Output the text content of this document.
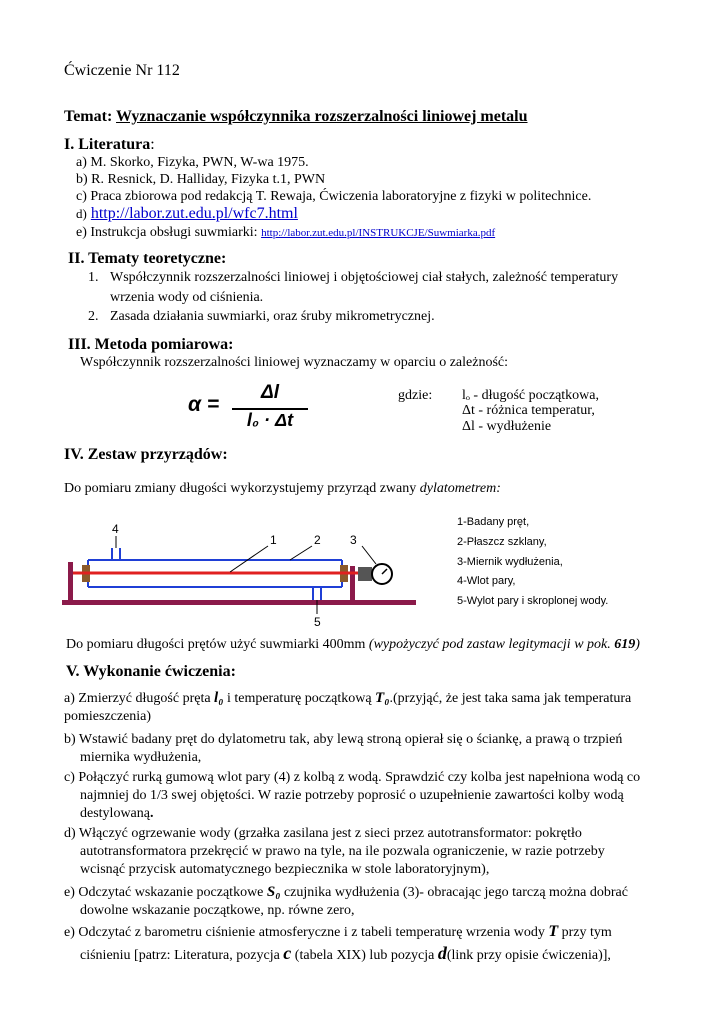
Ćwiczenie Nr 112
Temat: Wyznaczanie współczynnika rozszerzalności liniowej metalu
I. Literatura:
a) M. Skorko, Fizyka, PWN, W-wa 1975.
b) R. Resnick, D. Halliday, Fizyka t.1, PWN
c) Praca zbiorowa pod redakcją T. Rewaja, Ćwiczenia laboratoryjne z fizyki w politechnice.
d) http://labor.zut.edu.pl/wfc7.html
e) Instrukcja obsługi suwmiarki: http://labor.zut.edu.pl/INSTRUKCJE/Suwmiarka.pdf
II. Tematy teoretyczne:
1. Współczynnik rozszerzalności liniowej i objętościowej ciał stałych, zależność temperatury
wrzenia wody od ciśnienia.
2. Zasada działania suwmiarki, oraz śruby mikrometrycznej.
III. Metoda pomiarowa:
Współczynnik rozszerzalności liniowej wyznaczamy w oparciu o zależność:
α =
Δl
l₀ · Δt
gdzie: lₒ - długość początkowa,
Δt - różnica temperatur,
Δl - wydłużenie
IV. Zestaw przyrządów:
Do pomiaru zmiany długości wykorzystujemy przyrząd zwany dylatometrem:
1	2 3
4
5
1-Badany pręt,
2-Płaszcz szklany,
3-Miernik wydłużenia,
4-Wlot pary,
5-Wylot pary i skroplonej wody.
Do pomiaru długości prętów użyć suwmiarki 400mm (wypożyczyć pod zastaw legitymacji w pok. 619)
V. Wykonanie ćwiczenia:
a) Zmierzyć długość pręta l₀ i temperaturę początkową T₀.(przyjąć, że jest taka sama jak temperatura
pomieszczenia)
b) Wstawić badany pręt do dylatometru tak, aby lewą stroną opierał się o ściankę, a prawą o trzpień
miernika wydłużenia,
c) Połączyć rurką gumową wlot pary (4) z kolbą z wodą. Sprawdzić czy kolba jest napełniona wodą co
najmniej do 1/3 swej objętości. W razie potrzeby poprosić o uzupełnienie zawartości kolby wodą
destylowaną.
d) Włączyć ogrzewanie wody (grzałka zasilana jest z sieci przez autotransformator: pokrętło
autotransformatora przekręcić w prawo na tyle, na ile pozwala ograniczenie, w razie potrzeby
wcisnąć przycisk automatycznego bezpiecznika w stole laboratoryjnym),
e) Odczytać wskazanie początkowe S₀ czujnika wydłużenia (3)- obracając jego tarczą można dobrać
dowolne wskazanie początkowe, np. równe zero,
e) Odczytać z barometru ciśnienie atmosferyczne i z tabeli temperaturę wrzenia wody T przy tym
ciśnieniu [patrz: Literatura, pozycja c (tabela XIX) lub pozycja d(link przy opisie ćwiczenia)],
